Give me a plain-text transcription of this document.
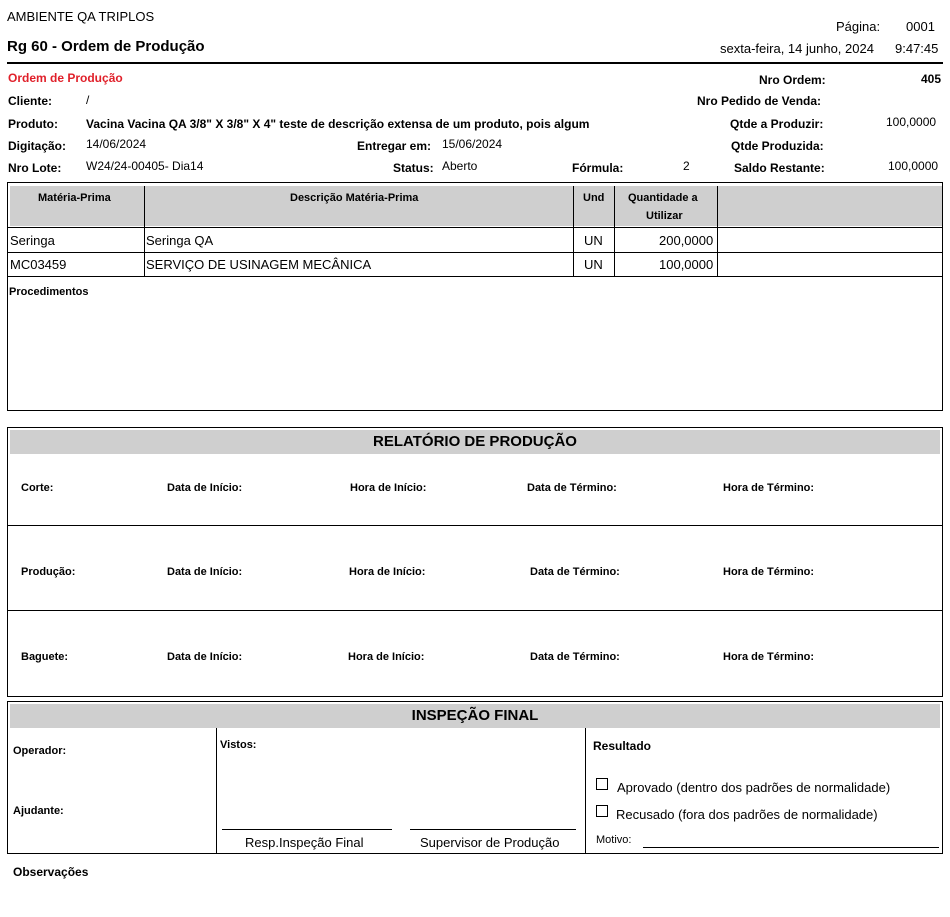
AMBIENTE QA TRIPLOS
Rg 60 - Ordem de Produção
Página: 0001
sexta-feira, 14 junho, 2024 9:47:45
Ordem de Produção
Cliente:	/
Produto: Vacina Vacina QA 3/8" X 3/8" X 4" teste de descrição extensa de um produto, pois algum
Digitação: 14/06/2024	Entregar em: 15/06/2024
Nro Lote: W24/24-00405- Dia14	Status: Aberto	Fórmula:	2
Nro Ordem:	405
Nro Pedido de Venda:
Qtde a Produzir:	100,0000
Qtde Produzida:
Saldo Restante:	100,0000
Matéria-Prima	Descrição Matéria-Prima	Und Quantidade a
Utilizar
Seringa	Seringa QA	UN	200,0000
MC03459	SERVIÇO DE USINAGEM MECÂNICA	UN	100,0000
Procedimentos
RELATÓRIO DE PRODUÇÃO
Corte:	Data de Início:	Hora de Início:	Data de Término:	Hora de Término:
Produção:	Data de Início:	Hora de Início:	Data de Término:	Hora de Término:
Baguete:	Data de Início:	Hora de Início:	Data de Término:	Hora de Término:
INSPEÇÃO FINAL
Operador:
Ajudante:
Vistos:
Resp.Inspeção Final	Supervisor de Produção
Resultado
Aprovado (dentro dos padrões de normalidade)
Recusado (fora dos padrões de normalidade)
Motivo:
Observações
